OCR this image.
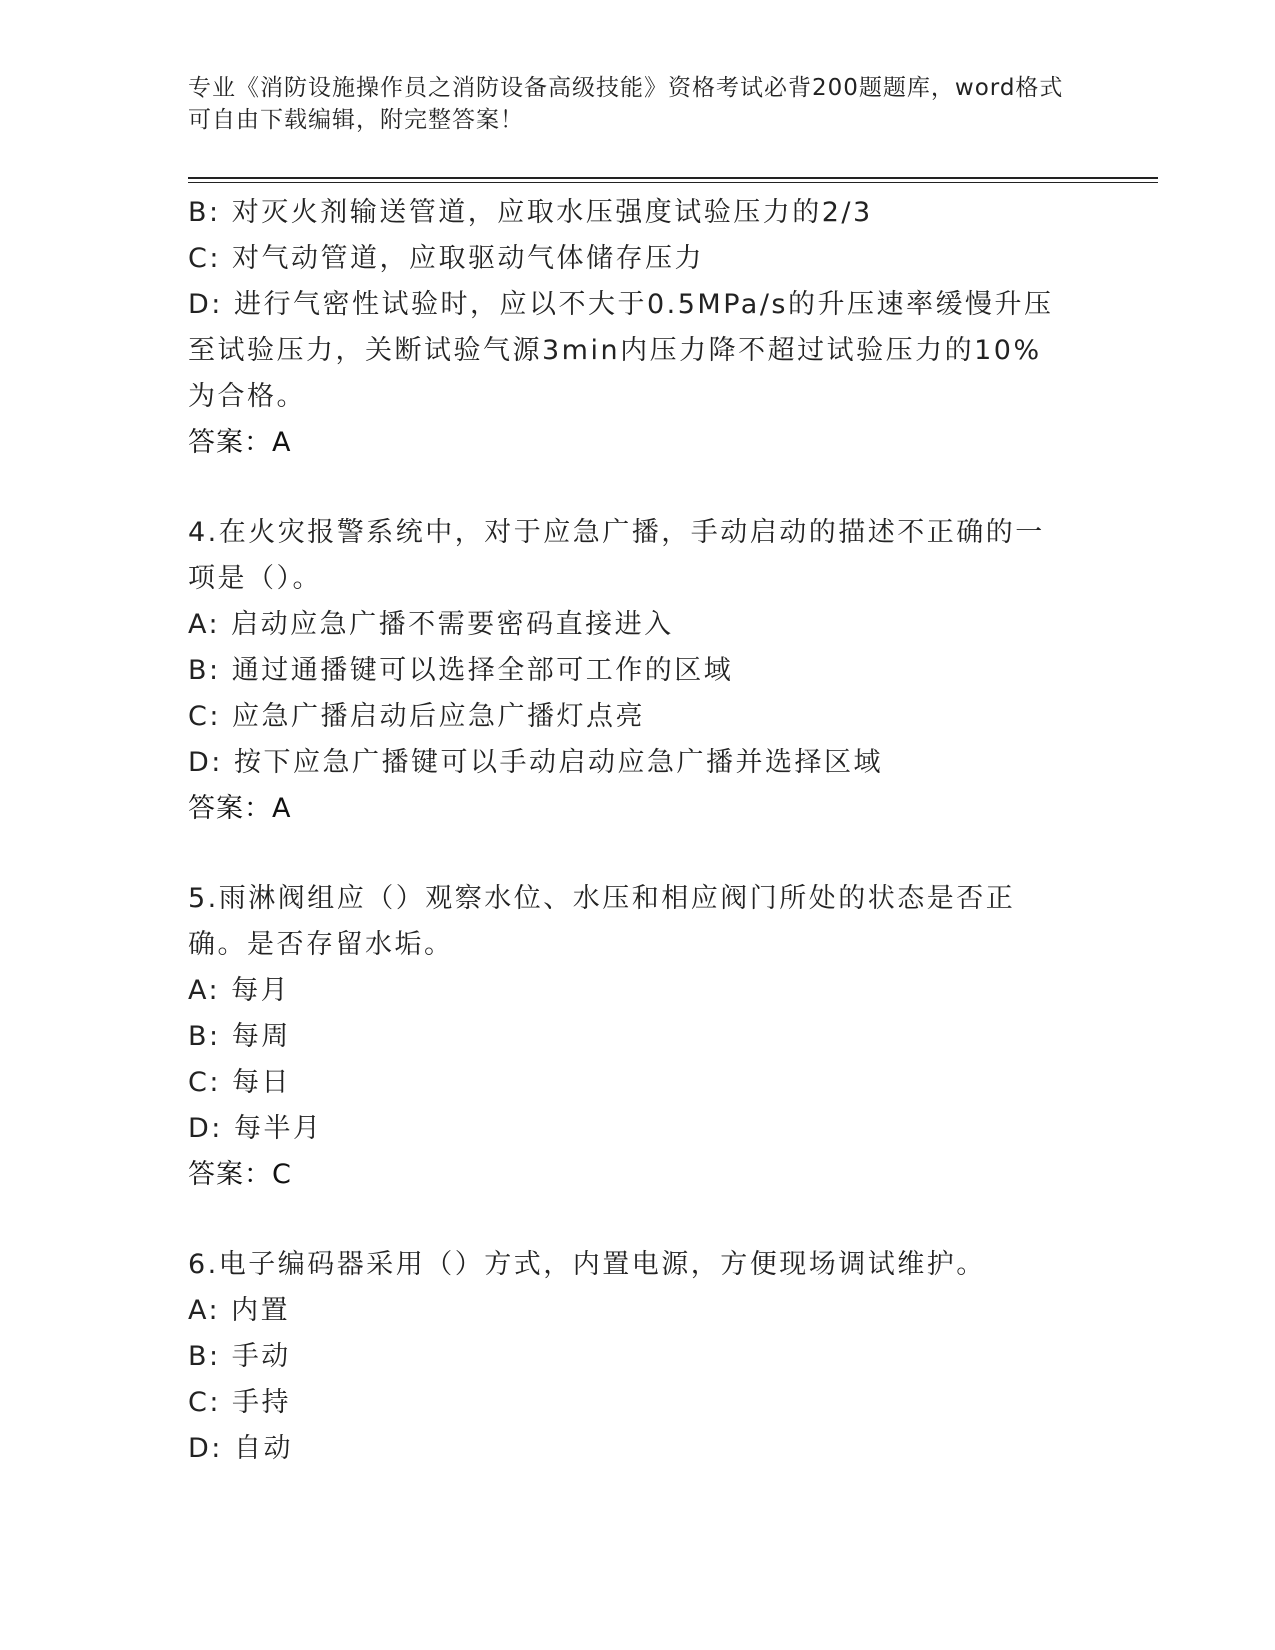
专业《消防设施操作员之消防设备高级技能》资格考试必背200题题库，word格式可自由下载编辑，附完整答案！
B: 对灭火剂输送管道，应取水压强度试验压力的2/3
C: 对气动管道，应取驱动气体储存压力
D: 进行气密性试验时，应以不大于0.5MPa/s的升压速率缓慢升压至试验压力，关断试验气源3min内压力降不超过试验压力的10%为合格。
答案：A
4.在火灾报警系统中，对于应急广播，手动启动的描述不正确的一项是（）。
A: 启动应急广播不需要密码直接进入
B: 通过通播键可以选择全部可工作的区域
C: 应急广播启动后应急广播灯点亮
D: 按下应急广播键可以手动启动应急广播并选择区域
答案：A
5.雨淋阀组应（）观察水位、水压和相应阀门所处的状态是否正确。是否存留水垢。
A: 每月
B: 每周
C: 每日
D: 每半月
答案：C
6.电子编码器采用（）方式，内置电源，方便现场调试维护。
A: 内置
B: 手动
C: 手持
D: 自动
